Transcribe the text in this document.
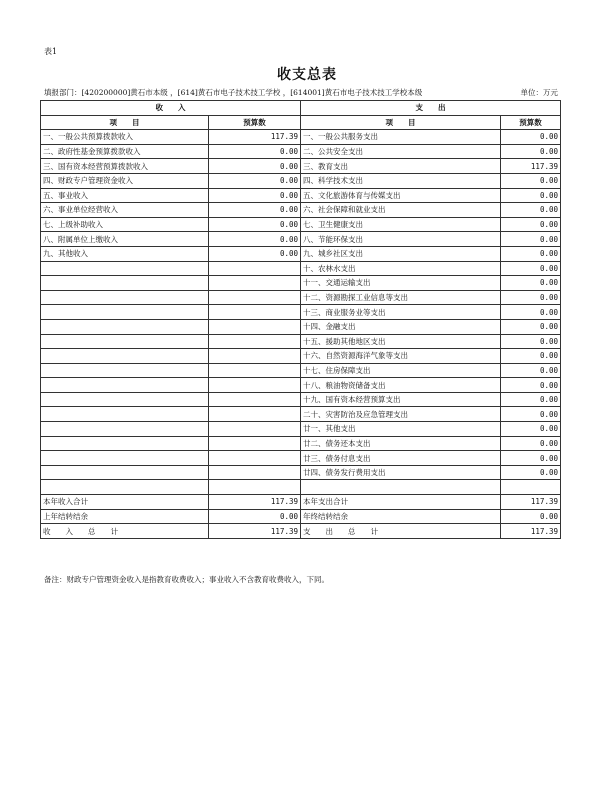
表1
收支总表
填报部门：[420200000]黄石市本级 ，[614]黄石市电子技术技工学校 ，[614001]黄石市电子技术技工学校本级	单位：万元
收　　入		支　　出	
项　　目	预算数	项　　目	预算数
一、一般公共预算拨款收入	117.39	一、一般公共服务支出	0.00
二、政府性基金预算拨款收入	0.00	二、公共安全支出	0.00
三、国有资本经营预算拨款收入	0.00	三、教育支出	117.39
四、财政专户管理资金收入	0.00	四、科学技术支出	0.00
五、事业收入	0.00	五、文化旅游体育与传媒支出	0.00
六、事业单位经营收入	0.00	六、社会保障和就业支出	0.00
七、上级补助收入	0.00	七、卫生健康支出	0.00
八、附属单位上缴收入	0.00	八、节能环保支出	0.00
九、其他收入	0.00	九、城乡社区支出	0.00
		十、农林水支出	0.00
		十一、交通运输支出	0.00
		十二、资源勘探工业信息等支出	0.00
		十三、商业服务业等支出	0.00
		十四、金融支出	0.00
		十五、援助其他地区支出	0.00
		十六、自然资源海洋气象等支出	0.00
		十七、住房保障支出	0.00
		十八、粮油物资储备支出	0.00
		十九、国有资本经营预算支出	0.00
		二十、灾害防治及应急管理支出	0.00
		廿一、其他支出	0.00
		廿二、债务还本支出	0.00
		廿三、债务付息支出	0.00
		廿四、债务发行费用支出	0.00

本年收入合计	117.39	本年支出合计	117.39
上年结转结余	0.00	年终结转结余	0.00
收　　入　　总　　计	117.39	支　　出　　总　　计	117.39
备注：财政专户管理资金收入是指教育收费收入；事业收入不含教育收费收入，下同。
